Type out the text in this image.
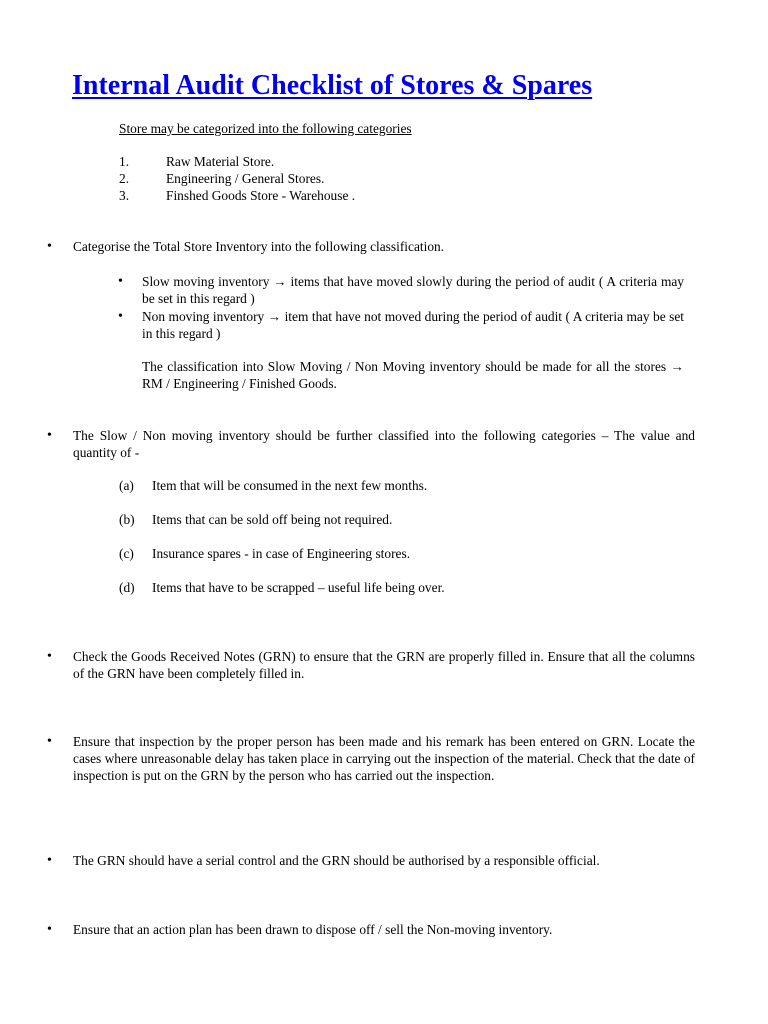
Internal Audit Checklist of Stores & Spares

Store may be categorized into the following categories

1.	Raw Material Store.
2.	Engineering / General Stores.
3.	Finshed Goods Store - Warehouse .
• Categorise the Total Store Inventory into the following classification.

• Slow moving inventory → items that have moved slowly during the period of audit ( A criteria may be set in this regard )

• Non moving inventory → item that have not moved during the period of audit ( A criteria may be set in this regard )

The classification into Slow Moving / Non Moving inventory should be made for all the stores → RM / Engineering / Finished Goods.

• The Slow / Non moving inventory should be further classified into the following categories – The value and quantity of -

(a) Item that will be consumed in the next few months.
(b) Items that can be sold off being not required.
(c) Insurance spares - in case of Engineering stores.
(d) Items that have to be scrapped – useful life being over.
• Check the Goods Received Notes (GRN) to ensure that the GRN are properly filled in. Ensure that all the columns of the GRN have been completely filled in.

• Ensure that inspection by the proper person has been made and his remark has been entered on GRN. Locate the cases where unreasonable delay has taken place in carrying out the inspection of the material. Check that the date of inspection is put on the GRN by the person who has carried out the inspection.

• The GRN should have a serial control and the GRN should be authorised by a responsible official.

• Ensure that an action plan has been drawn to dispose off / sell the Non-moving inventory.
